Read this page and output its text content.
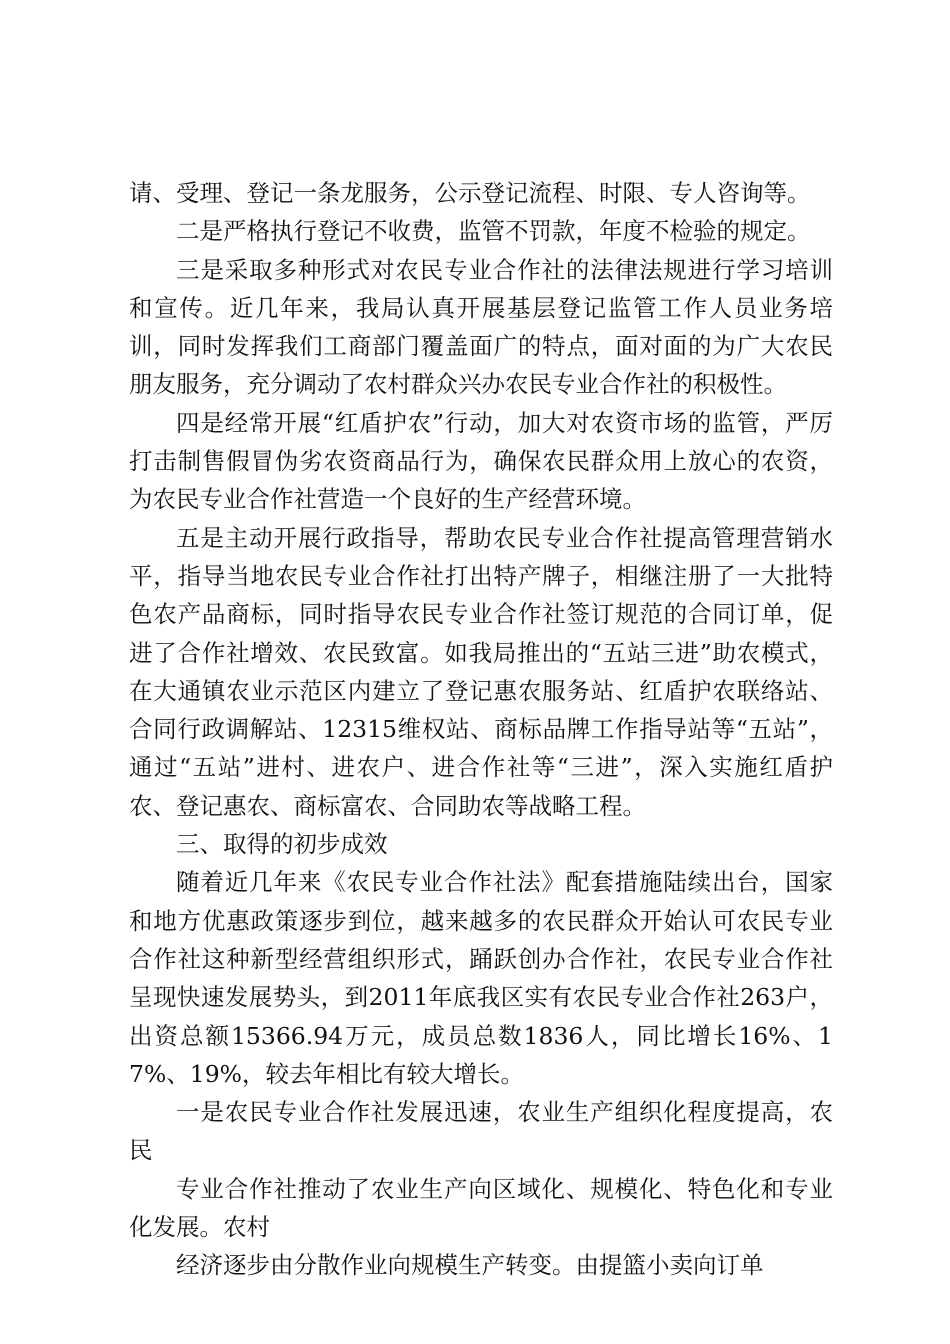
请、受理、登记一条龙服务，公示登记流程、时限、专人咨询等。

二是严格执行登记不收费，监管不罚款，年度不检验的规定。

三是采取多种形式对农民专业合作社的法律法规进行学习培训和宣传。近几年来，我局认真开展基层登记监管工作人员业务培训，同时发挥我们工商部门覆盖面广的特点，面对面的为广大农民朋友服务，充分调动了农村群众兴办农民专业合作社的积极性。

四是经常开展“红盾护农”行动，加大对农资市场的监管，严厉打击制售假冒伪劣农资商品行为，确保农民群众用上放心的农资，为农民专业合作社营造一个良好的生产经营环境。

五是主动开展行政指导，帮助农民专业合作社提高管理营销水平，指导当地农民专业合作社打出特产牌子，相继注册了一大批特色农产品商标，同时指导农民专业合作社签订规范的合同订单，促进了合作社增效、农民致富。如我局推出的“五站三进”助农模式，在大通镇农业示范区内建立了登记惠农服务站、红盾护农联络站、合同行政调解站、12315维权站、商标品牌工作指导站等“五站”，通过“五站”进村、进农户、进合作社等“三进”，深入实施红盾护农、登记惠农、商标富农、合同助农等战略工程。

三、取得的初步成效

随着近几年来《农民专业合作社法》配套措施陆续出台，国家和地方优惠政策逐步到位，越来越多的农民群众开始认可农民专业合作社这种新型经营组织形式，踊跃创办合作社，农民专业合作社呈现快速发展势头，到2011年底我区实有农民专业合作社263户，出资总额15366.94万元，成员总数1836人，同比增长16%、17%、19%，较去年相比有较大增长。

一是农民专业合作社发展迅速，农业生产组织化程度提高，农民

专业合作社推动了农业生产向区域化、规模化、特色化和专业化发展。农村

经济逐步由分散作业向规模生产转变。由提篮小卖向订单
